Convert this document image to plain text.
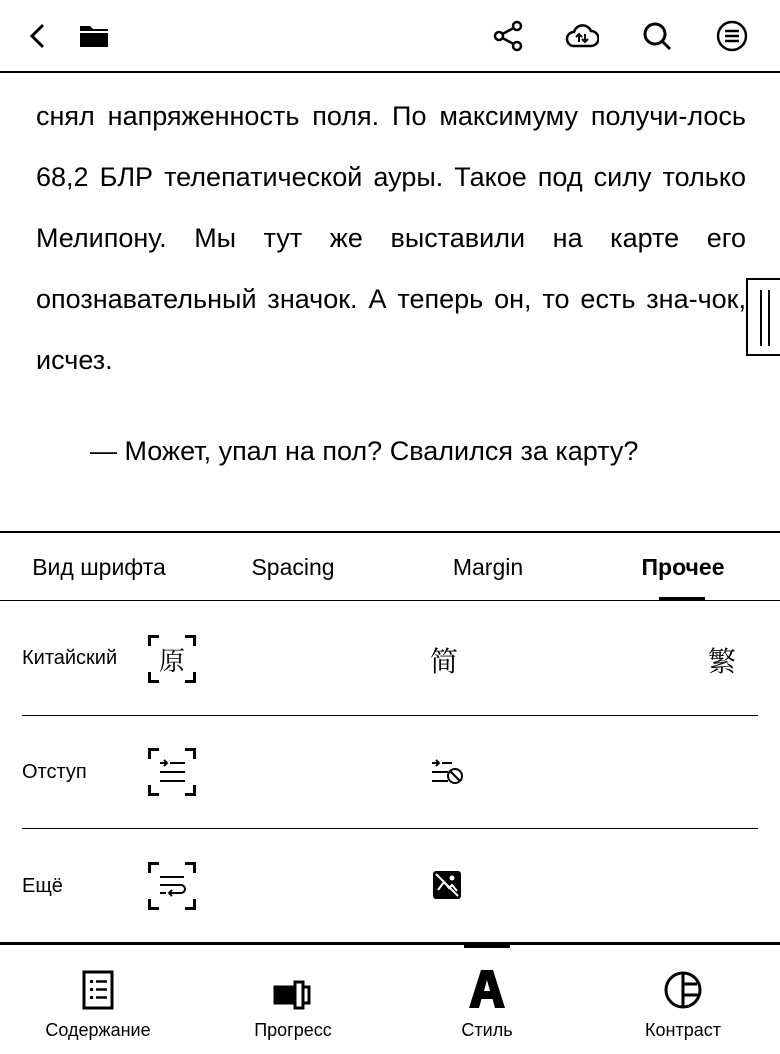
снял напряженность поля. По максимуму получи-лось 68,2 БЛР телепатической ауры. Такое под силу только Мелипону. Мы тут же выставили на карте его опознавательный значок. А теперь он, то есть зна-чок, исчез.

— Может, упал на пол? Свалился за карту?

Вид шрифта	Spacing	Margin	Прочее
Китайский	原	简	繁
Отступ
Ещё
Содержание	Прогресс	Стиль	Контраст
